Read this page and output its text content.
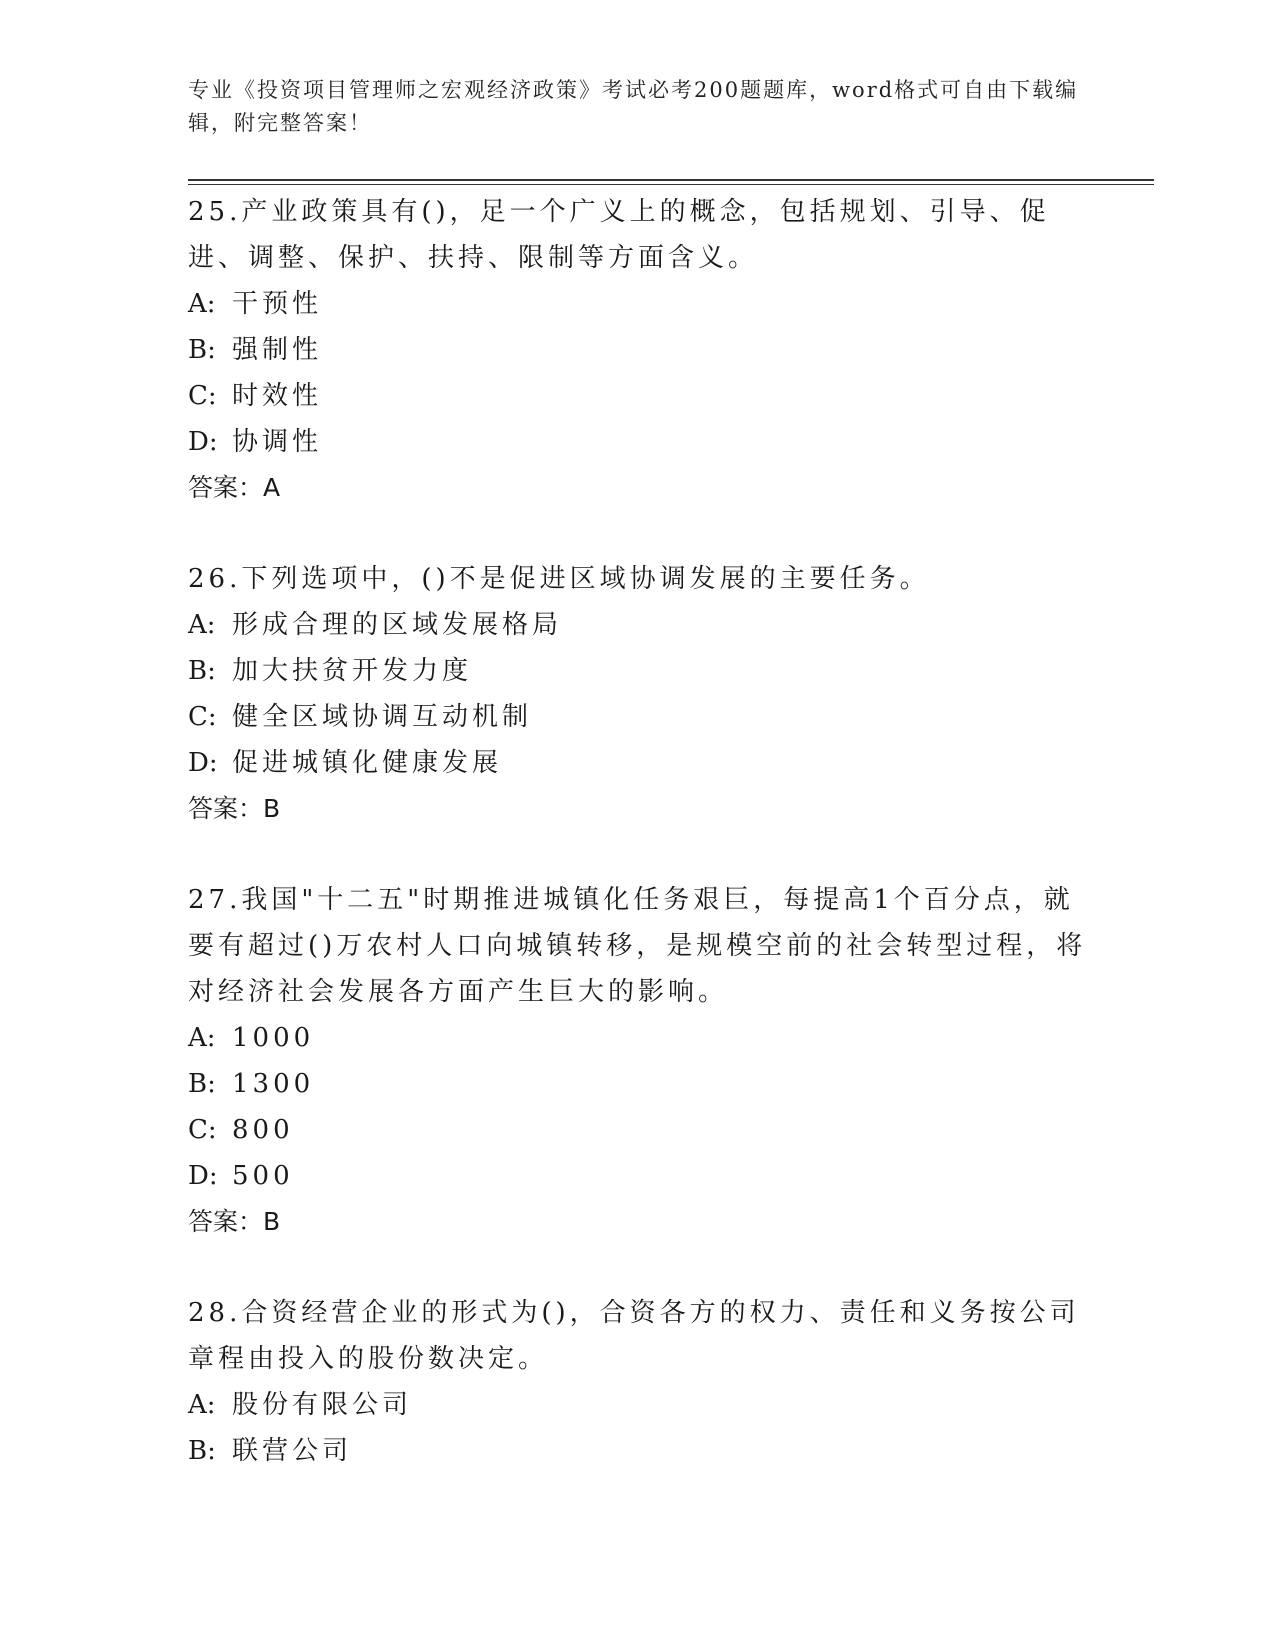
专业《投资项目管理师之宏观经济政策》考试必考200题题库，word格式可自由下载编辑，附完整答案！

25.产业政策具有()，足一个广义上的概念，包括规划、引导、促进、调整、保护、扶持、限制等方面含义。

A: 干预性

B: 强制性

C: 时效性

D: 协调性

答案：A

26.下列选项中，()不是促进区域协调发展的主要任务。

A: 形成合理的区域发展格局

B: 加大扶贫开发力度

C: 健全区域协调互动机制

D: 促进城镇化健康发展

答案：B

27.我国"十二五"时期推进城镇化任务艰巨，每提高1个百分点，就要有超过()万农村人口向城镇转移，是规模空前的社会转型过程，将对经济社会发展各方面产生巨大的影响。

A: 1000

B: 1300

C: 800

D: 500

答案：B

28.合资经营企业的形式为()，合资各方的权力、责任和义务按公司章程由投入的股份数决定。

A: 股份有限公司

B: 联营公司
